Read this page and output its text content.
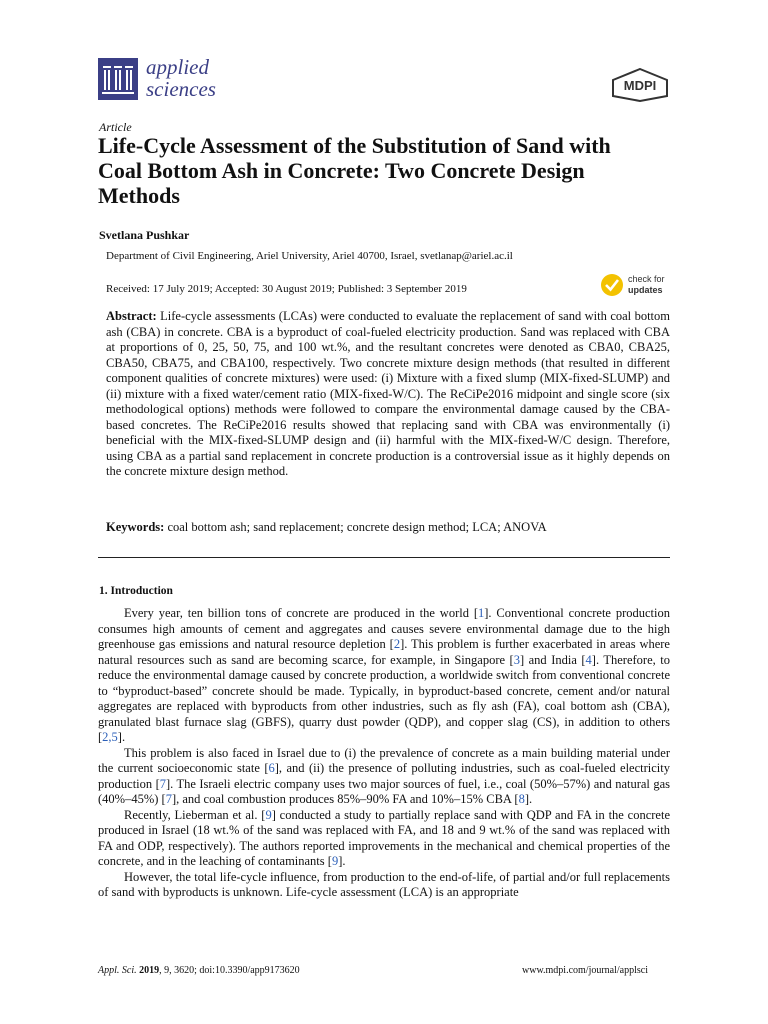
applied
sciences	MDPI
Article
Life-Cycle Assessment of the Substitution of Sand with Coal Bottom Ash in Concrete: Two Concrete Design Methods
Svetlana Pushkar
Department of Civil Engineering, Ariel University, Ariel 40700, Israel, svetlanap@ariel.ac.il
Received: 17 July 2019; Accepted: 30 August 2019; Published: 3 September 2019
check for
updates

Abstract: Life-cycle assessments (LCAs) were conducted to evaluate the replacement of sand with coal bottom ash (CBA) in concrete. CBA is a byproduct of coal-fueled electricity production. Sand was replaced with CBA at proportions of 0, 25, 50, 75, and 100 wt.%, and the resultant concretes were denoted as CBA0, CBA25, CBA50, CBA75, and CBA100, respectively. Two concrete mixture design methods (that resulted in different component qualities of concrete mixtures) were used: (i) Mixture with a fixed slump (MIX-fixed-SLUMP) and (ii) mixture with a fixed water/cement ratio (MIX-fixed-W/C). The ReCiPe2016 midpoint and single score (six methodological options) methods were followed to compare the environmental damage caused by the CBA-based concretes. The ReCiPe2016 results showed that replacing sand with CBA was environmentally (i) beneficial with the MIX-fixed-SLUMP design and (ii) harmful with the MIX-fixed-W/C design. Therefore, using CBA as a partial sand replacement in concrete production is a controversial issue as it highly depends on the concrete mixture design method.

Keywords: coal bottom ash; sand replacement; concrete design method; LCA; ANOVA

1. Introduction

Every year, ten billion tons of concrete are produced in the world [1]. Conventional concrete production consumes high amounts of cement and aggregates and causes severe environmental damage due to the high greenhouse gas emissions and natural resource depletion [2]. This problem is further exacerbated in areas where natural resources such as sand are becoming scarce, for example, in Singapore [3] and India [4]. Therefore, to reduce the environmental damage caused by concrete production, a worldwide switch from conventional concrete to “byproduct-based” concrete should be made. Typically, in byproduct-based concrete, cement and/or natural aggregates are replaced with byproducts from other industries, such as fly ash (FA), coal bottom ash (CBA), granulated blast furnace slag (GBFS), quarry dust powder (QDP), and copper slag (CS), in addition to others [2,5].

This problem is also faced in Israel due to (i) the prevalence of concrete as a main building material under the current socioeconomic state [6], and (ii) the presence of polluting industries, such as coal-fueled electricity production [7]. The Israeli electric company uses two major sources of fuel, i.e., coal (50%–57%) and natural gas (40%–45%) [7], and coal combustion produces 85%–90% FA and 10%–15% CBA [8].

Recently, Lieberman et al. [9] conducted a study to partially replace sand with QDP and FA in the concrete produced in Israel (18 wt.% of the sand was replaced with FA, and 18 and 9 wt.% of the sand was replaced with FA and ODP, respectively). The authors reported improvements in the mechanical and chemical properties of the concrete, and in the leaching of contaminants [9].

However, the total life-cycle influence, from production to the end-of-life, of partial and/or full replacements of sand with byproducts is unknown. Life-cycle assessment (LCA) is an appropriate

Appl. Sci. 2019, 9, 3620; doi:10.3390/app9173620	www.mdpi.com/journal/applsci
